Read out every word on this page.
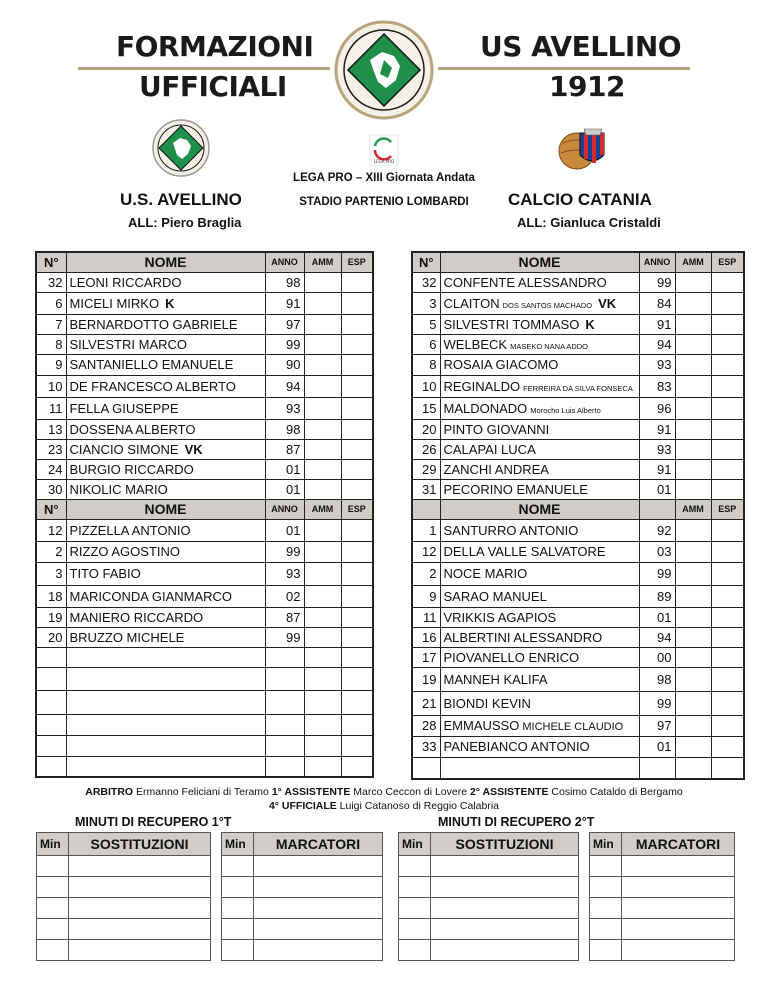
FORMAZIONI
UFFICIALI
US AVELLINO
1912
LEGA PRO
LEGA PRO – XIII Giornata Andata
STADIO PARTENIO LOMBARDI
U.S. AVELLINO
ALL: Piero Braglia
CALCIO CATANIA
ALL: Gianluca Cristaldi
N°	NOME	ANNO	AMM	ESP
32	LEONI RICCARDO	98		
6	MICELI MIRKO K	91		
7	BERNARDOTTO GABRIELE	97		
8	SILVESTRI MARCO	99		
9	SANTANIELLO EMANUELE	90		
10	DE FRANCESCO ALBERTO	94		
11	FELLA GIUSEPPE	93		
13	DOSSENA ALBERTO	98		
23	CIANCIO SIMONE VK	87		
24	BURGIO RICCARDO	01		
30	NIKOLIC MARIO	01		
N°	NOME	ANNO	AMM	ESP
12	PIZZELLA ANTONIO	01		
2	RIZZO AGOSTINO	99		
3	TITO FABIO	93		
18	MARICONDA GIANMARCO	02		
19	MANIERO RICCARDO	87		
20	BRUZZO MICHELE	99		

N°	NOME	ANNO	AMM	ESP
32	CONFENTE ALESSANDRO	99		
3	CLAITON DOS SANTOS MACHADO VK	84		
5	SILVESTRI TOMMASO K	91		
6	WELBECK MASEKO NANA ADDO	94		
8	ROSAIA GIACOMO	93		
10	REGINALDO FERREIRA DA SILVA FONSECA	83		
15	MALDONADO Morocho Luis Alberto	96		
20	PINTO GIOVANNI	91		
26	CALAPAI LUCA	93		
29	ZANCHI ANDREA	91		
31	PECORINO EMANUELE	01		
	NOME		AMM	ESP
1	SANTURRO ANTONIO	92		
12	DELLA VALLE SALVATORE	03		
2	NOCE MARIO	99		
9	SARAO MANUEL	89		
11	VRIKKIS AGAPIOS	01		
16	ALBERTINI ALESSANDRO	94		
17	PIOVANELLO ENRICO	00		
19	MANNEH KALIFA	98		
21	BIONDI KEVIN	99		
28	EMMAUSSO MICHELE CLAUDIO	97		
33	PANEBIANCO ANTONIO	01		

ARBITRO Ermanno Feliciani di Teramo 1° ASSISTENTE Marco Ceccon di Lovere 2° ASSISTENTE Cosimo Cataldo di Bergamo
4° UFFICIALE Luigi Catanoso di Reggio Calabria
MINUTI DI RECUPERO 1°T	MINUTI DI RECUPERO 2°T
Min	SOSTITUZIONI

		Min	MARCATORI

		Min	SOSTITUZIONI

		Min	MARCATORI
